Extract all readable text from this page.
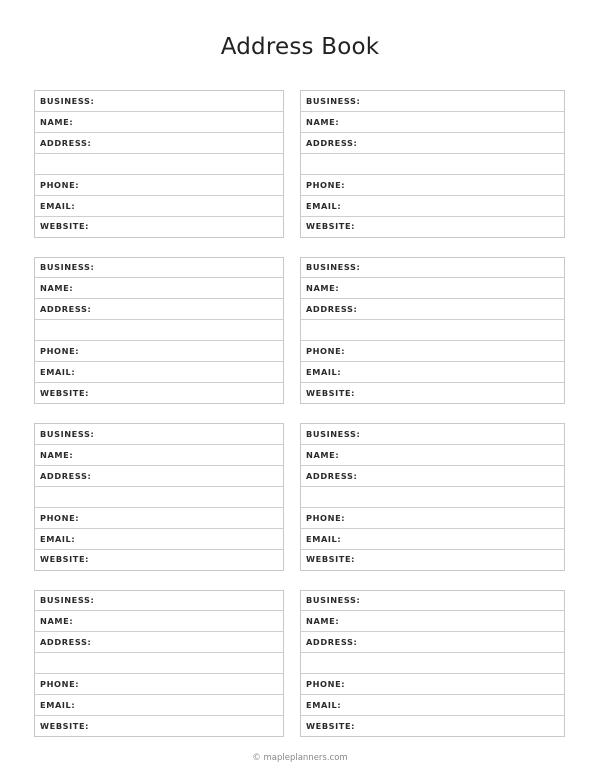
Address Book
BUSINESS:
NAME:
ADDRESS:
PHONE:
EMAIL:
WEBSITE:
BUSINESS:
NAME:
ADDRESS:
PHONE:
EMAIL:
WEBSITE:
BUSINESS:
NAME:
ADDRESS:
PHONE:
EMAIL:
WEBSITE:
BUSINESS:
NAME:
ADDRESS:
PHONE:
EMAIL:
WEBSITE:
BUSINESS:
NAME:
ADDRESS:
PHONE:
EMAIL:
WEBSITE:
BUSINESS:
NAME:
ADDRESS:
PHONE:
EMAIL:
WEBSITE:
BUSINESS:
NAME:
ADDRESS:
PHONE:
EMAIL:
WEBSITE:
BUSINESS:
NAME:
ADDRESS:
PHONE:
EMAIL:
WEBSITE:
© mapleplanners.com
